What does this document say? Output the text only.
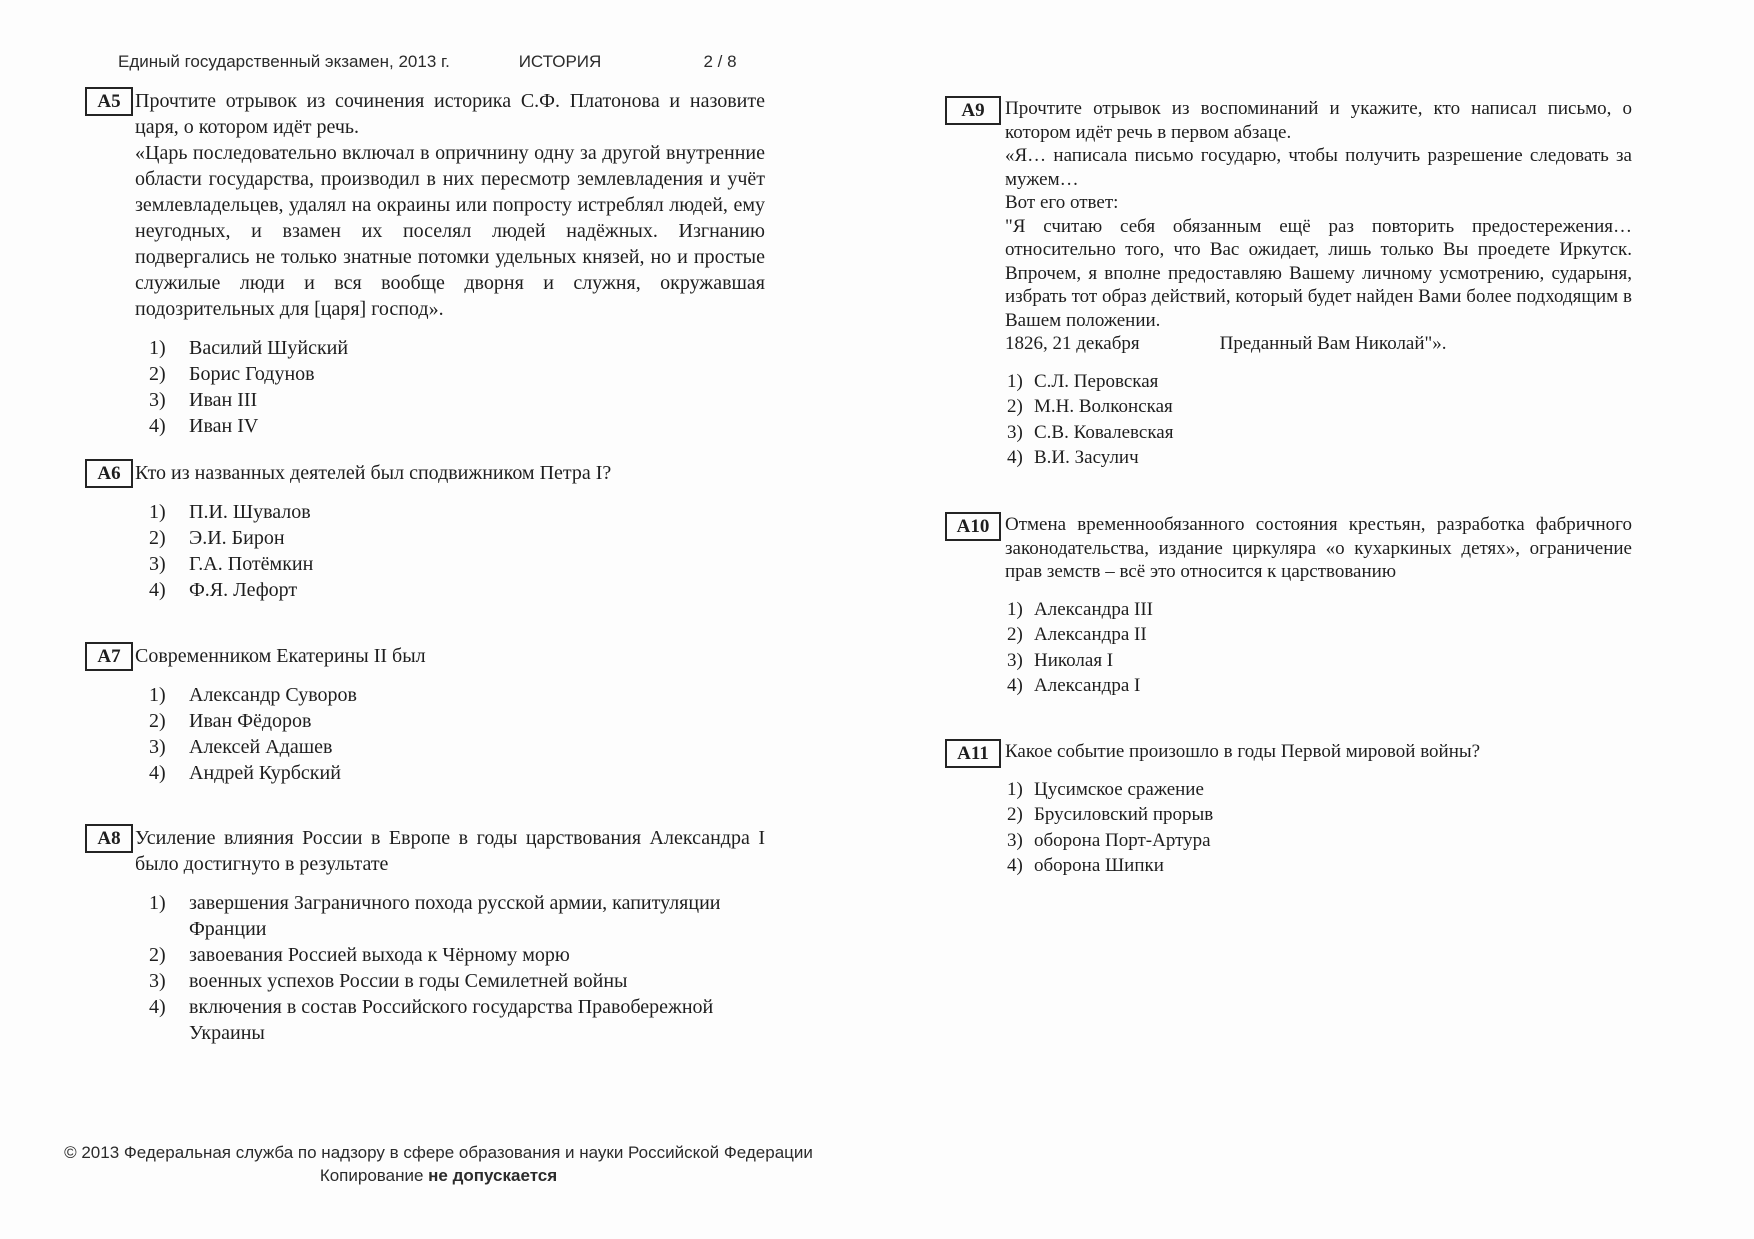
Единый государственный экзамен, 2013 г.	ИСТОРИЯ	2 / 8
А5 Прочтите отрывок из сочинения историка С.Ф. Платонова и назовите царя, о котором идёт речь.

«Царь последовательно включал в опричнину одну за другой внутренние области государства, производил в них пересмотр землевладения и учёт землевладельцев, удалял на окраины или попросту истреблял людей, ему неугодных, и взамен их поселял людей надёжных. Изгнанию подвергались не только знатные потомки удельных князей, но и простые служилые люди и вся вообще дворня и служня, окружавшая подозрительных для [царя] господ».

1)	Василий Шуйский
2)	Борис Годунов
3)	Иван III
4)	Иван IV
А6 Кто из названных деятелей был сподвижником Петра I?

1)	П.И. Шувалов
2)	Э.И. Бирон
3)	Г.А. Потёмкин
4)	Ф.Я. Лефорт
А7 Современником Екатерины II был

1)	Александр Суворов
2)	Иван Фёдоров
3)	Алексей Адашев
4)	Андрей Курбский
А8 Усиление влияния России в Европе в годы царствования Александра I было достигнуто в результате

1)	завершения Заграничного похода русской армии, капитуляции Франции
2)	завоевания Россией выхода к Чёрному морю
3)	военных успехов России в годы Семилетней войны
4)	включения в состав Российского государства Правобережной Украины
А9	Прочтите отрывок из воспоминаний и укажите, кто написал письмо, о котором идёт речь в первом абзаце.

«Я… написала письмо государю, чтобы получить разрешение следовать за мужем…

Вот его ответ:

"Я считаю себя обязанным ещё раз повторить предостережения… относительно того, что Вас ожидает, лишь только Вы проедете Иркутск. Впрочем, я вполне предоставляю Вашему личному усмотрению, сударыня, избрать тот образ действий, который будет найден Вами более подходящим в Вашем положении.

1826, 21 декабря	Преданный Вам Николай"».

1) С.Л. Перовская
2) М.Н. Волконская
3) С.В. Ковалевская
4) В.И. Засулич
А10 Отмена временнообязанного состояния крестьян, разработка фабричного законодательства, издание циркуляра «о кухаркиных детях», ограничение прав земств – всё это относится к царствованию

1) Александра III
2) Александра II
3) Николая I
4) Александра I
А11 Какое событие произошло в годы Первой мировой войны?

1) Цусимское сражение
2) Брусиловский прорыв
3) оборона Порт-Артура
4) оборона Шипки
© 2013 Федеральная служба по надзору в сфере образования и науки Российской Федерации
Копирование не допускается
